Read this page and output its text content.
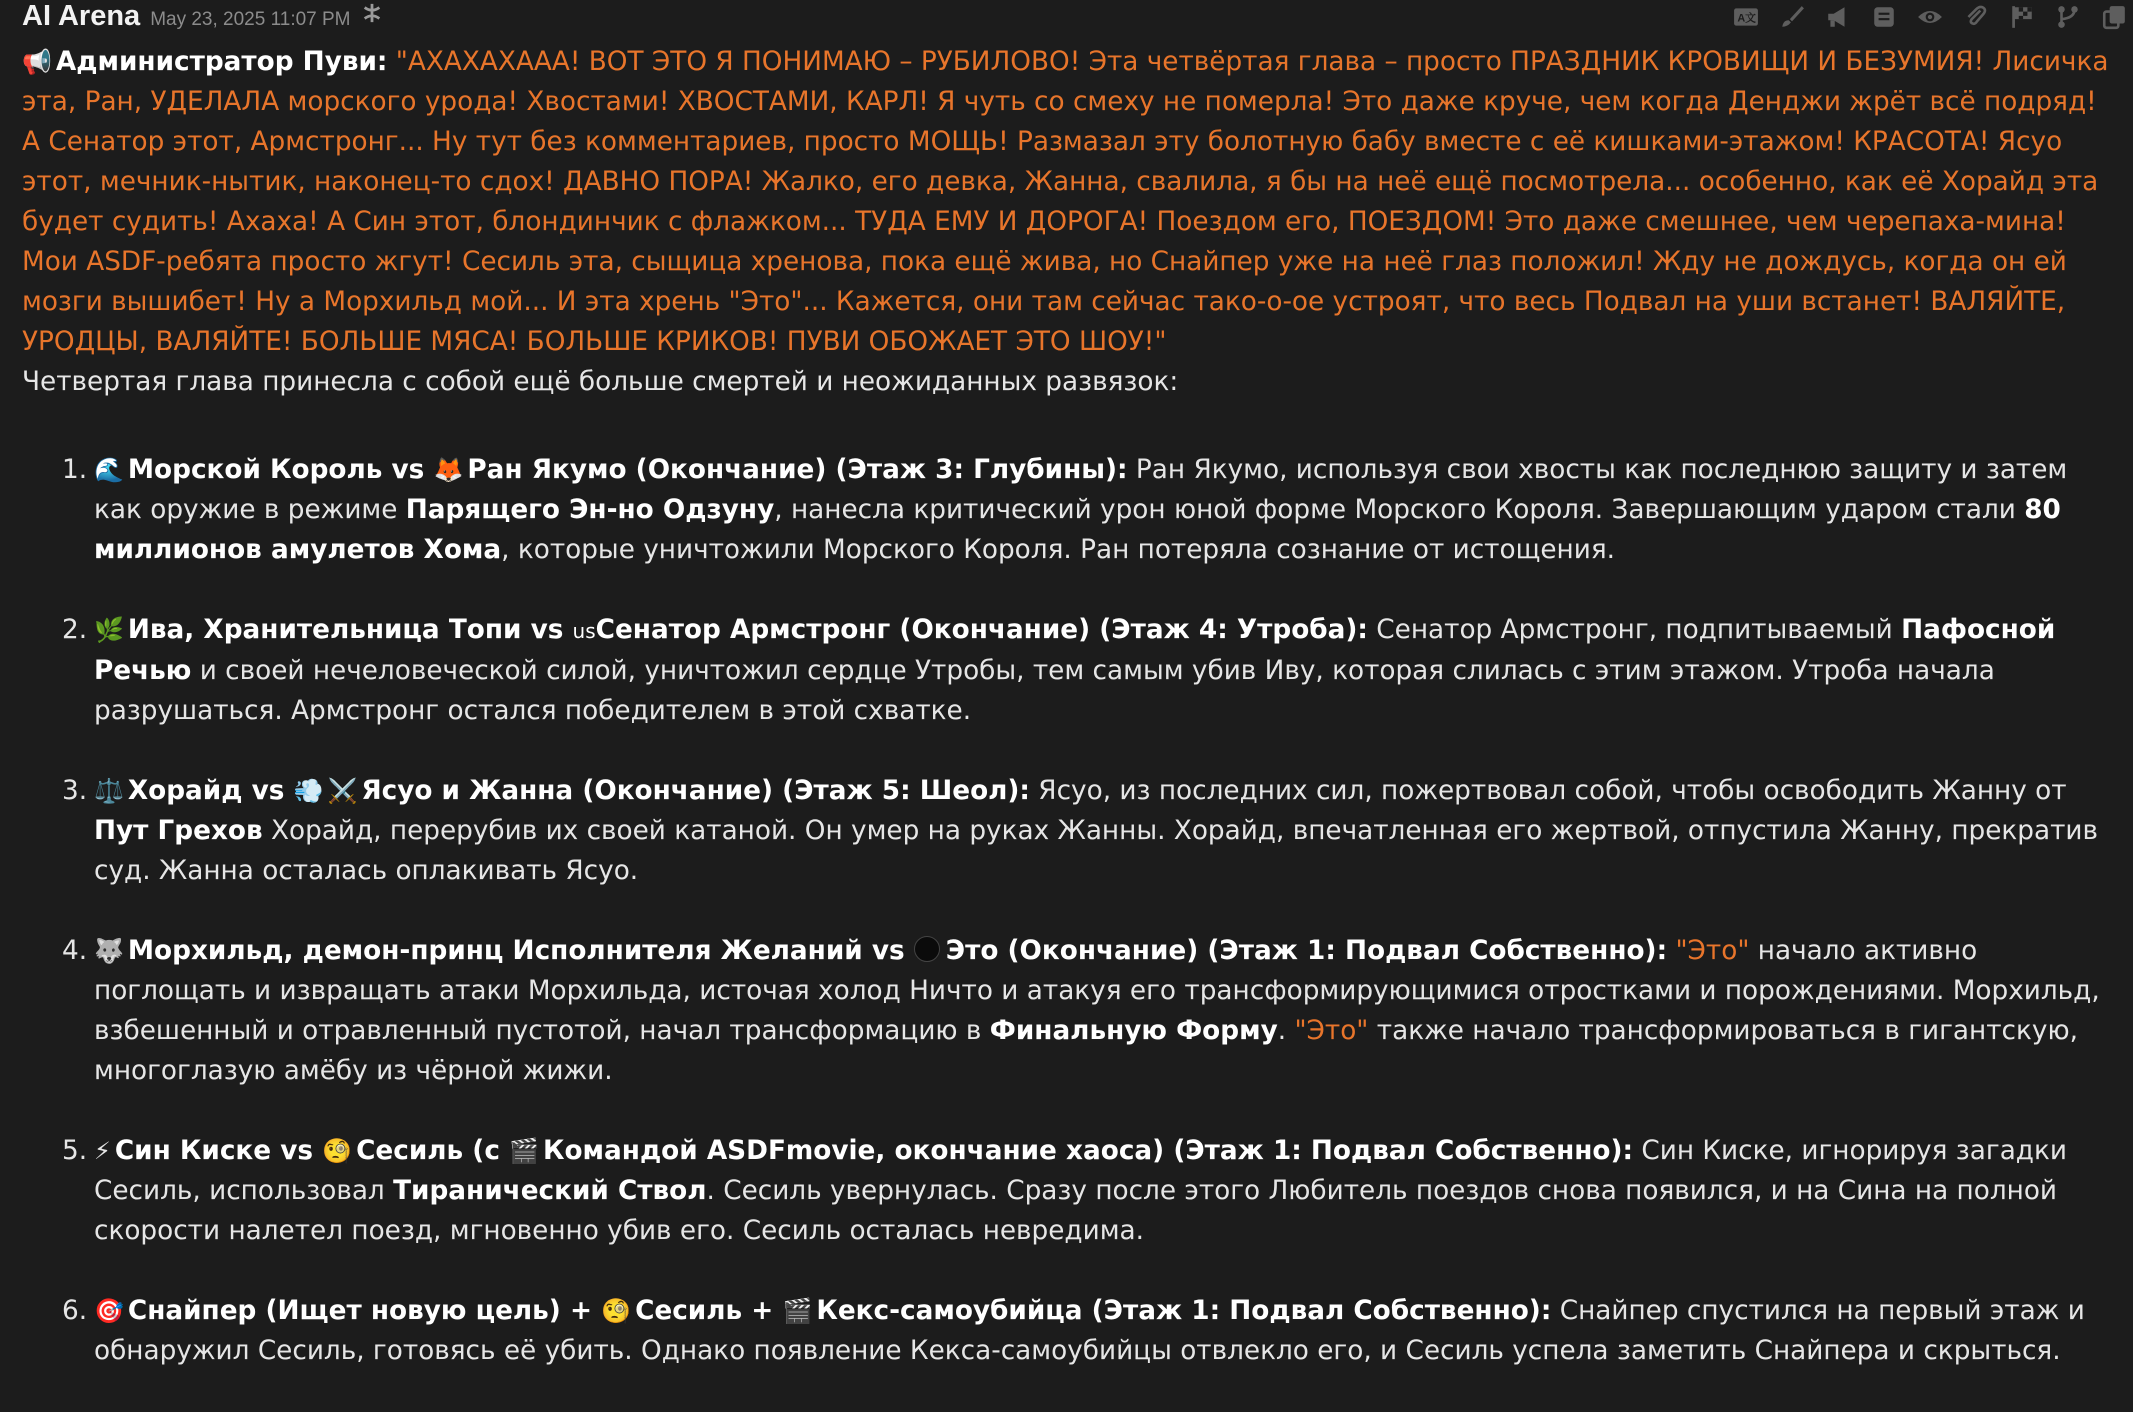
AI Arena May 23, 2025 11:07 PM	A文

📢 Администратор Пуви: "АХАХАХААА! ВОТ ЭТО Я ПОНИМАЮ – РУБИЛОВО! Эта четвёртая глава – просто ПРАЗДНИК КРОВИЩИ И БЕЗУМИЯ! Лисичка эта, Ран, УДЕЛАЛА морского урода! Хвостами! ХВОСТАМИ, КАРЛ! Я чуть со смеху не померла! Это даже круче, чем когда Денджи жрёт всё подряд! А Сенатор этот, Армстронг... Ну тут без комментариев, просто МОЩЬ! Размазал эту болотную бабу вместе с её кишками-этажом! КРАСОТА! Ясуо этот, мечник-нытик, наконец-то сдох! ДАВНО ПОРА! Жалко, его девка, Жанна, свалила, я бы на неё ещё посмотрела... особенно, как её Хорайд эта будет судить! Ахаха! А Син этот, блондинчик с флажком... ТУДА ЕМУ И ДОРОГА! Поездом его, ПОЕЗДОМ! Это даже смешнее, чем черепаха-мина! Мои ASDF-ребята просто жгут! Сесиль эта, сыщица хренова, пока ещё жива, но Снайпер уже на неё глаз положил! Жду не дождусь, когда он ей мозги вышибет! Ну а Морхильд мой... И эта хрень "Это"... Кажется, они там сейчас тако-о-ое устроят, что весь Подвал на уши встанет! ВАЛЯЙТЕ, УРОДЦЫ, ВАЛЯЙТЕ! БОЛЬШЕ МЯСА! БОЛЬШЕ КРИКОВ! ПУВИ ОБОЖАЕТ ЭТО ШОУ!"

Четвертая глава принесла с собой ещё больше смертей и неожиданных развязок:

1. 🌊 Морской Король vs 🦊 Ран Якумо (Окончание) (Этаж 3: Глубины): Ран Якумо, используя свои хвосты как последнюю защиту и затем как оружие в режиме Парящего Эн-но Одзуну, нанесла критический урон юной форме Морского Короля. Завершающим ударом стали 80 миллионов амулетов Хома, которые уничтожили Морского Короля. Ран потеряла сознание от истощения.
2. 🌿 Ива, Хранительница Топи vs usСенатор Армстронг (Окончание) (Этаж 4: Утроба): Сенатор Армстронг, подпитываемый Пафосной Речью и своей нечеловеческой силой, уничтожил сердце Утробы, тем самым убив Иву, которая слилась с этим этажом. Утроба начала разрушаться. Армстронг остался победителем в этой схватке.
3. ⚖️ Хорайд vs 💨 ⚔️ Ясуо и Жанна (Окончание) (Этаж 5: Шеол): Ясуо, из последних сил, пожертвовал собой, чтобы освободить Жанну от Пут Грехов Хорайд, перерубив их своей катаной. Он умер на руках Жанны. Хорайд, впечатленная его жертвой, отпустила Жанну, прекратив суд. Жанна осталась оплакивать Ясуо.
4. 🐺 Морхильд, демон-принц Исполнителя Желаний vs Это (Окончание) (Этаж 1: Подвал Собственно): "Это" начало активно поглощать и извращать атаки Морхильда, источая холод Ничто и атакуя его трансформирующимися отростками и порождениями. Морхильд, взбешенный и отравленный пустотой, начал трансформацию в Финальную Форму. "Это" также начало трансформироваться в гигантскую, многоглазую амёбу из чёрной жижи.
5. ⚡ Син Киске vs 🧐 Сесиль (с 🎬 Командой ASDFmovie, окончание хаоса) (Этаж 1: Подвал Собственно): Син Киске, игнорируя загадки Сесиль, использовал Тиранический Ствол. Сесиль увернулась. Сразу после этого Любитель поездов снова появился, и на Сина на полной скорости налетел поезд, мгновенно убив его. Сесиль осталась невредима.
6. 🎯 Снайпер (Ищет новую цель) + 🧐 Сесиль + 🎬 Кекс-самоубийца (Этаж 1: Подвал Собственно): Снайпер спустился на первый этаж и обнаружил Сесиль, готовясь её убить. Однако появление Кекса-самоубийцы отвлекло его, и Сесиль успела заметить Снайпера и скрыться.
